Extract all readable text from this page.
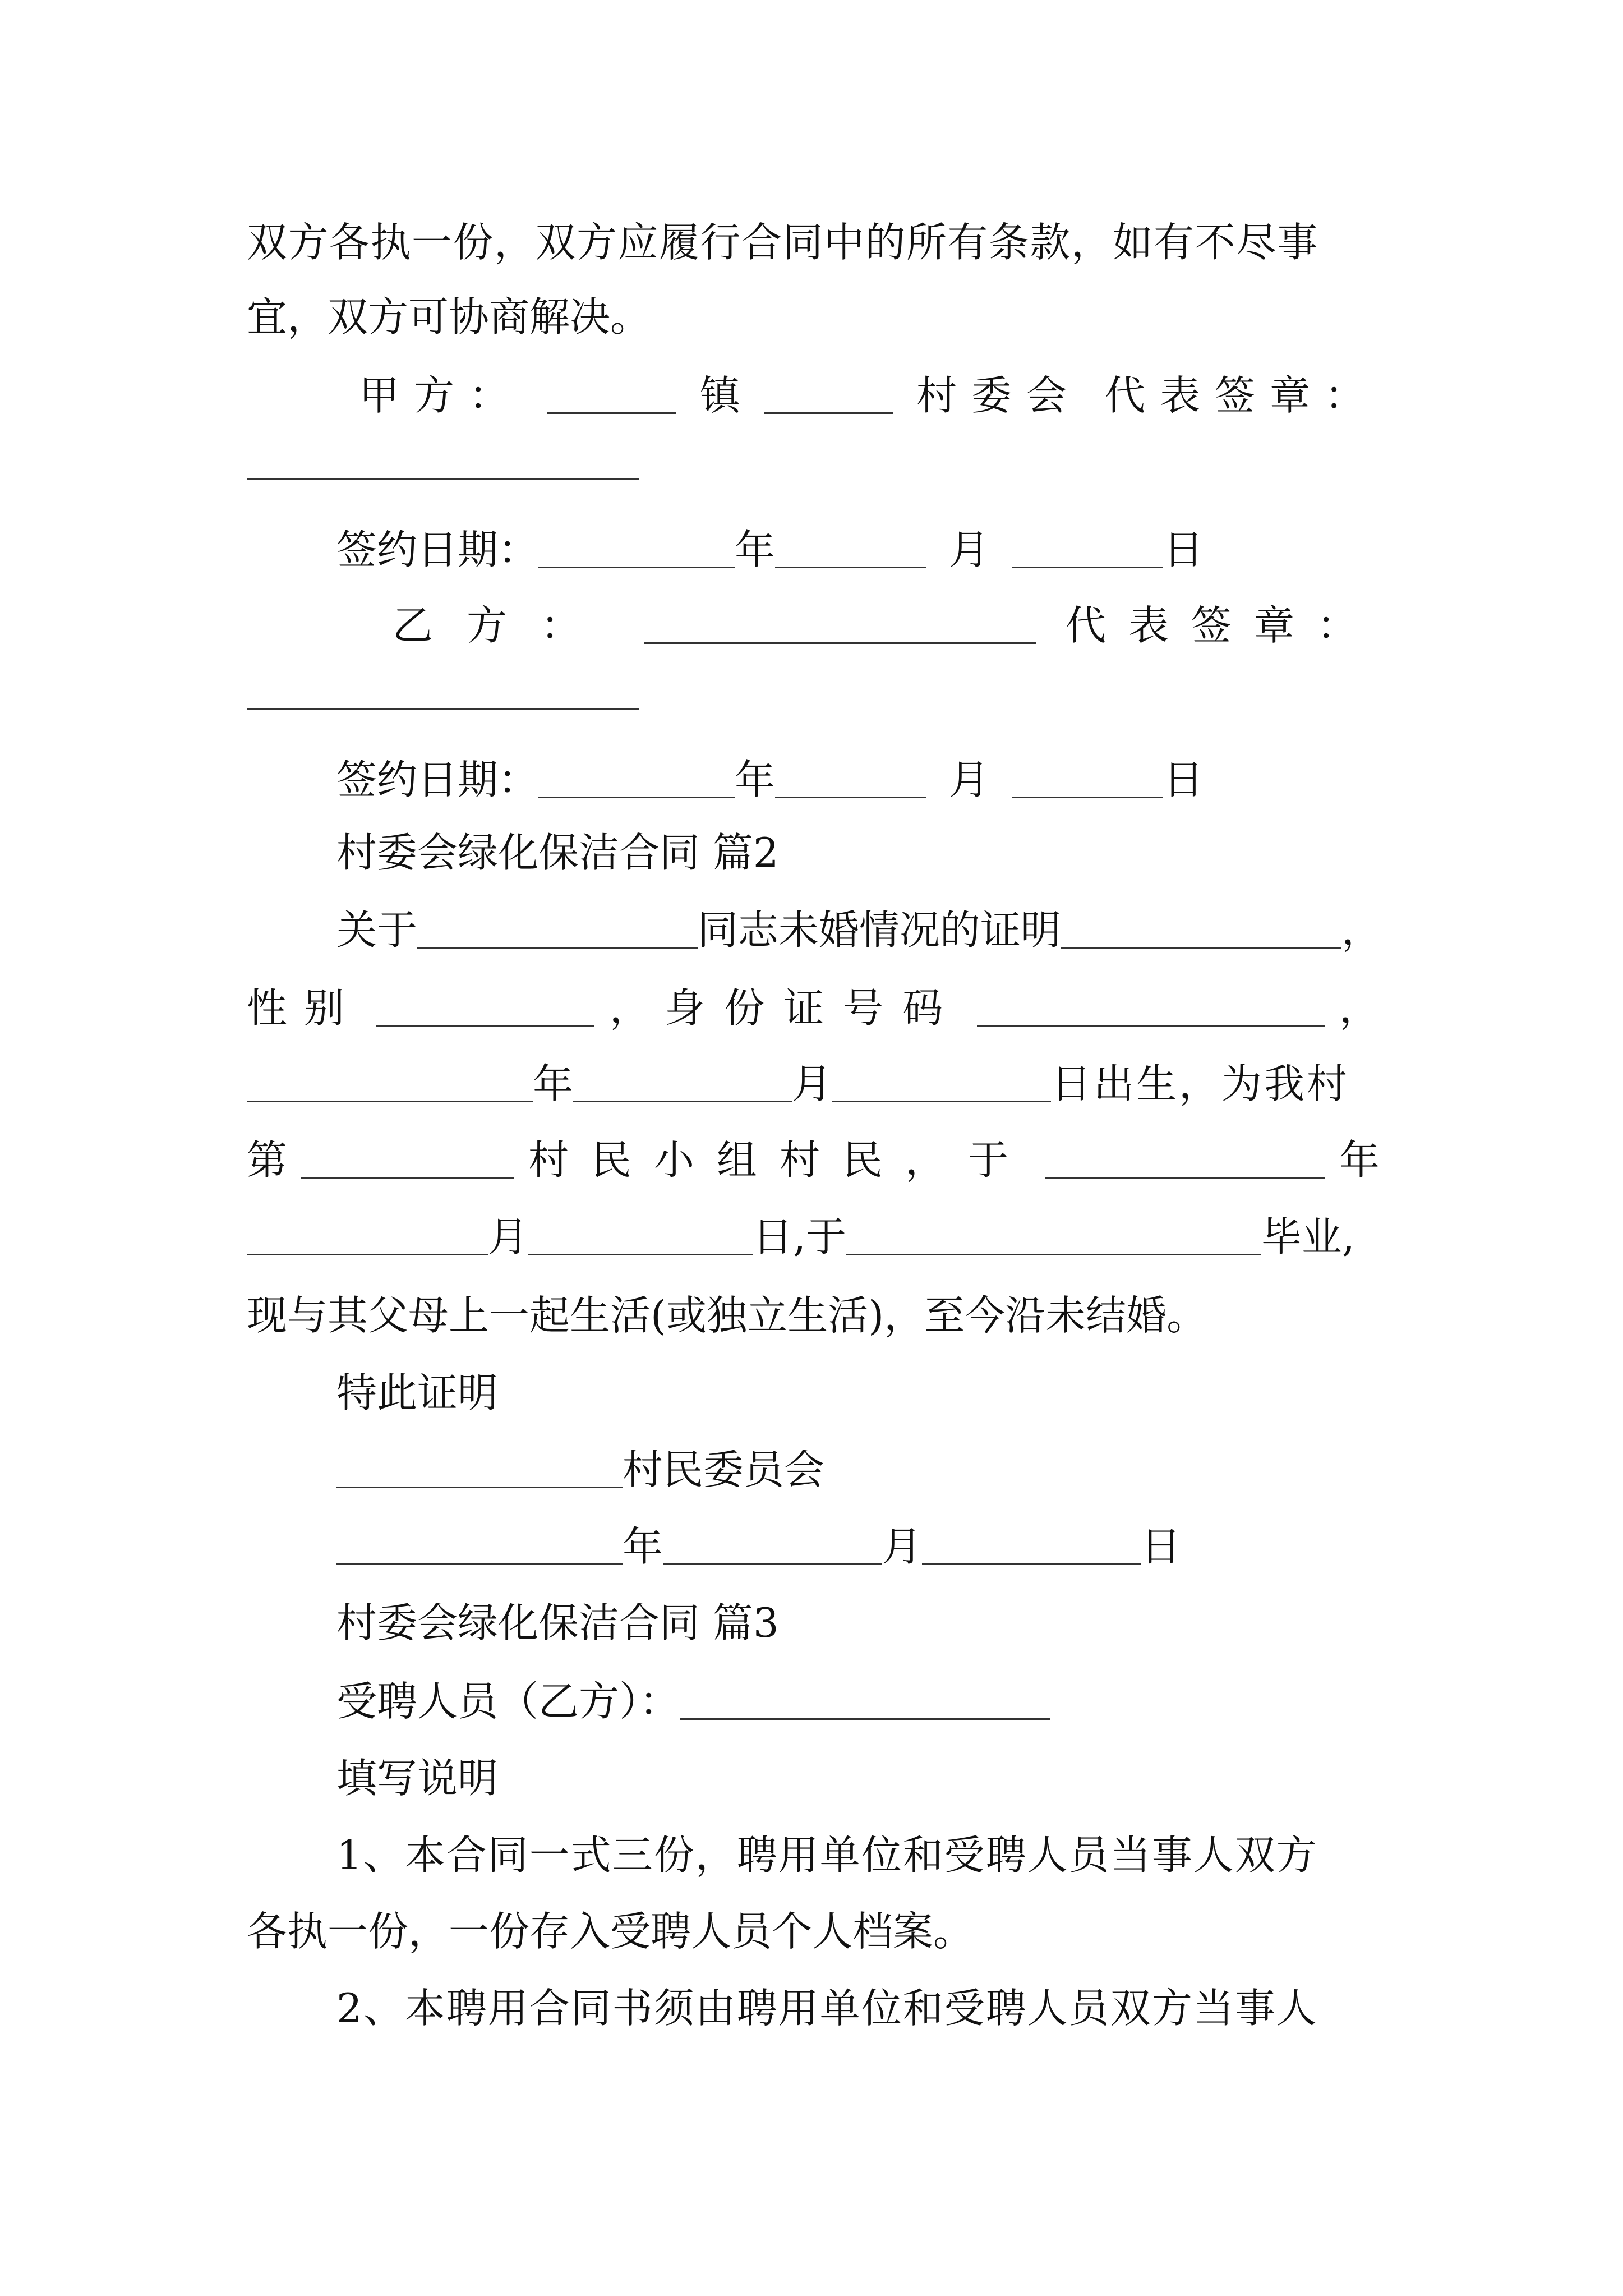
双方各执一份，双方应履行合同中的所有条款，如有不尽事
宜，双方可协商解决。
甲方：	镇	村委会 代表签章：
签约日期：	年	月	日
乙方：	代表签章：
签约日期：	年	月	日
村委会绿化保洁合同 篇2
关于	同志未婚情况的证明	，
性别	， 身份证号码	，
年	月	日出生，为我村
第	村民小组村民，于	年
月	日,于	毕业,
现与其父母上一起生活(或独立生活)，至今沿未结婚。
特此证明
村民委员会
年	月	日
村委会绿化保洁合同 篇3
受聘人员（乙方）：
填写说明
1、本合同一式三份，聘用单位和受聘人员当事人双方
各执一份，一份存入受聘人员个人档案。
2、本聘用合同书须由聘用单位和受聘人员双方当事人
